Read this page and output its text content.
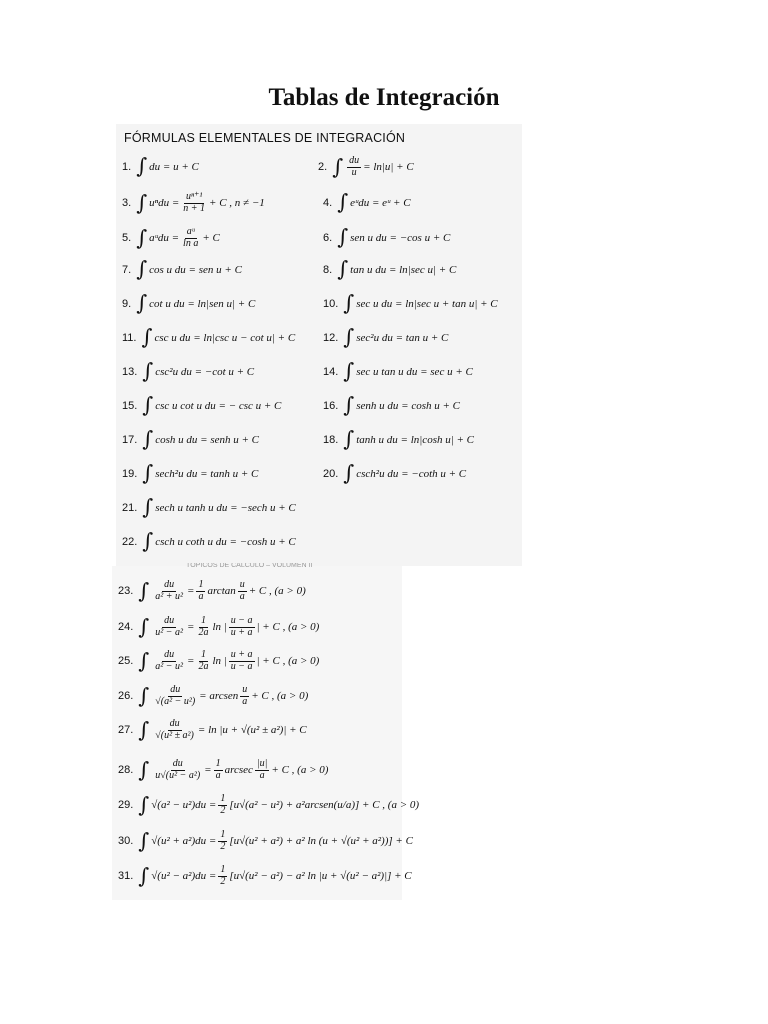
Tablas de Integración
FÓRMULAS ELEMENTALES DE INTEGRACIÓN
TÓPICOS DE CÁLCULO – VOLUMEN II
1. ∫ du = u + C	2. ∫ $\frac{du}{u} = \ln|u| + C$
3. ∫ $u^ndu = \frac{\text{uⁿ⁺¹}}{n + 1} + C$ , n ≠ −1	4. ∫ eᵘdu = eᵘ + C
5. ∫ aᵘdu = $\frac{\text{aᵘ}}{\text{ln a}} + C$	6. ∫ sen u du = −cos u + C
7. ∫ cos u du = sen u + C	8. ∫ tan u du = ln|sec u| + C
9. ∫ cot u du = ln|sen u| + C	10. ∫ sec u du = ln|sec u + tan u| + C
11. ∫ csc u du = ln|csc u − cot u| + C	12. ∫ sec²u du = tan u + C
13. ∫ csc²u du = −cot u + C	14. ∫ sec u tan u du = sec u + C
15. ∫ csc u cot u du = − csc u + C	16. ∫ senh u du = cosh u + C
17. ∫ cosh u du = senh u + C	18. ∫ tanh u du = ln|cosh u| + C
19. ∫ sech²u du = tanh u + C	20. ∫ csch²u du = −coth u + C
21. ∫ sech u tanh u du = −sech u + C
22. ∫ csch u coth u du = −cosh u + C
23. ∫ $\frac{du}{\text{a² + u²}} = \frac{1}{a}$ $\arctan \frac{u}{a} + C$ , (a > 0)
24. ∫ $\frac{du}{\text{u² − a²}} = \frac{1}{2a}$ ln | $\frac{u - a}{u + a}$ | + C , (a > 0)
25. ∫ $\frac{du}{\text{a² − u²}} = \frac{1}{2a}$ ln | $\frac{u + a}{u - a}$ | + C , (a > 0)
26. ∫ $\frac{du}{\text{√(a² − u²)}}$ = arcsen $\frac{u}{a} + C$ , (a > 0)
27. ∫ $\frac{du}{\text{√(u² ± a²)}} = \ln |u + √(u^2 \pm a^2)| + C$
28. ∫ $\frac{du}{\text{u√(u² − a²)}} = \frac{1}{a}$ arcsec $\frac{|u|}{a} + C$ , (a > 0)
29. ∫ $√(a^2 - u^2)du = \frac{1}{2} [u√(a^2 - u^2)$ + a²arcsen(u/a)] + C , (a > 0)
30. ∫ $√(u^2 + a^2)du = \frac{1}{2} [u√(u^2 + a^2) + a^2$ ln (u + √(u² + a²))] + C
31. ∫ $√(u^2 - a^2)du = \frac{1}{2} [u√(u^2 - a^2) - a^2$ ln |u + √(u² − a²)|] + C
